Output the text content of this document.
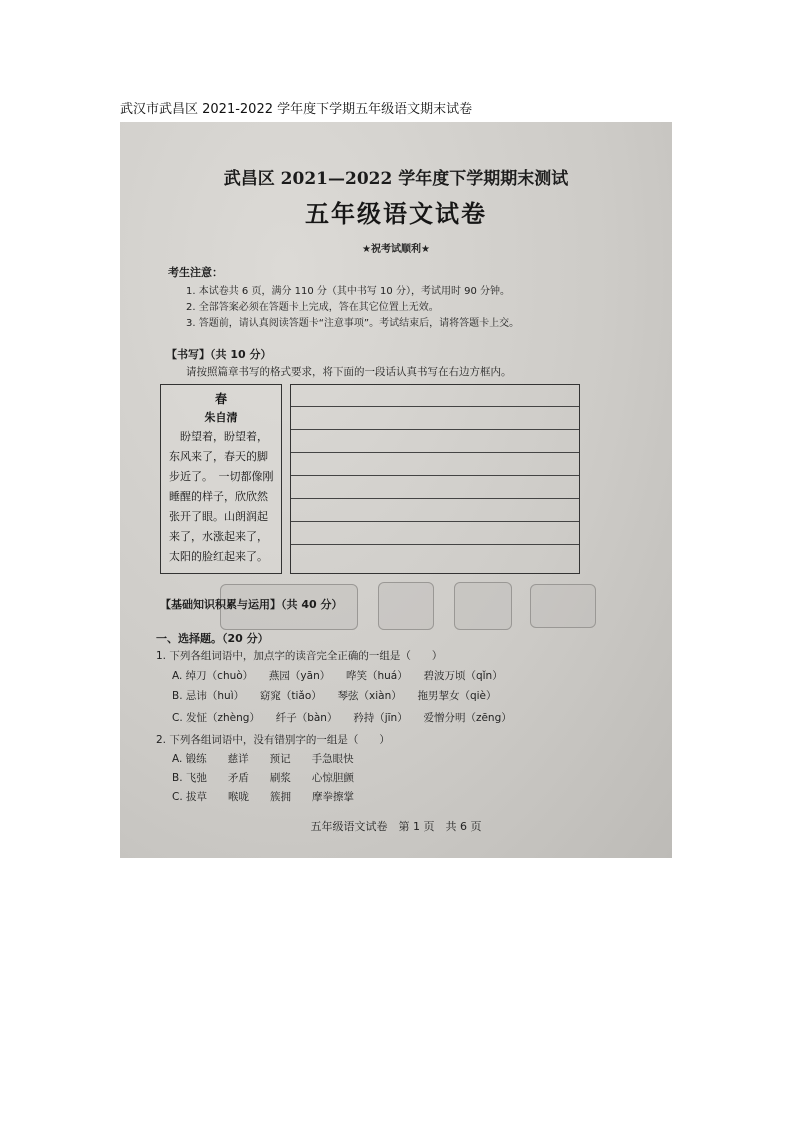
武汉市武昌区 2021-2022 学年度下学期五年级语文期末试卷
武昌区 2021—2022 学年度下学期期末测试
五年级语文试卷
★祝考试顺利★
考生注意：
1. 本试卷共 6 页，满分 110 分（其中书写 10 分），考试用时 90 分钟。
2. 全部答案必须在答题卡上完成，答在其它位置上无效。
3. 答题前，请认真阅读答题卡“注意事项”。考试结束后，请将答题卡上交。
【书写】（共 10 分）
请按照篇章书写的格式要求，将下面的一段话认真书写在右边方框内。
春
朱自清
　盼望着，盼望着，东风来了，春天的脚步近了。　一切都像刚睡醒的样子，欣欣然张开了眼。山朗润起来了，水涨起来了，太阳的脸红起来了。
【基础知识积累与运用】（共 40 分）
一、选择题。（20 分）
1. 下列各组词语中，加点字的读音完全正确的一组是（　　）
A. 绰刀（chuò）　　燕园（yān）　　哗笑（huá）　　碧波万顷（qǐn）
B. 忌讳（huì）　　窈窕（tiǎo）　　琴弦（xiàn）　　拖男挈女（qiè）
C. 发怔（zhèng）　　纤子（bàn）　　矜持（jīn）　　爱憎分明（zēng）
2. 下列各组词语中，没有错别字的一组是（　　）
A. 锻练　　慈详　　预记　　手急眼快
B. 飞弛　　矛盾　　刷浆　　心惊胆颤
C. 拔草　　喉咙　　簇拥　　摩拳擦掌
五年级语文试卷　第 1 页　共 6 页
